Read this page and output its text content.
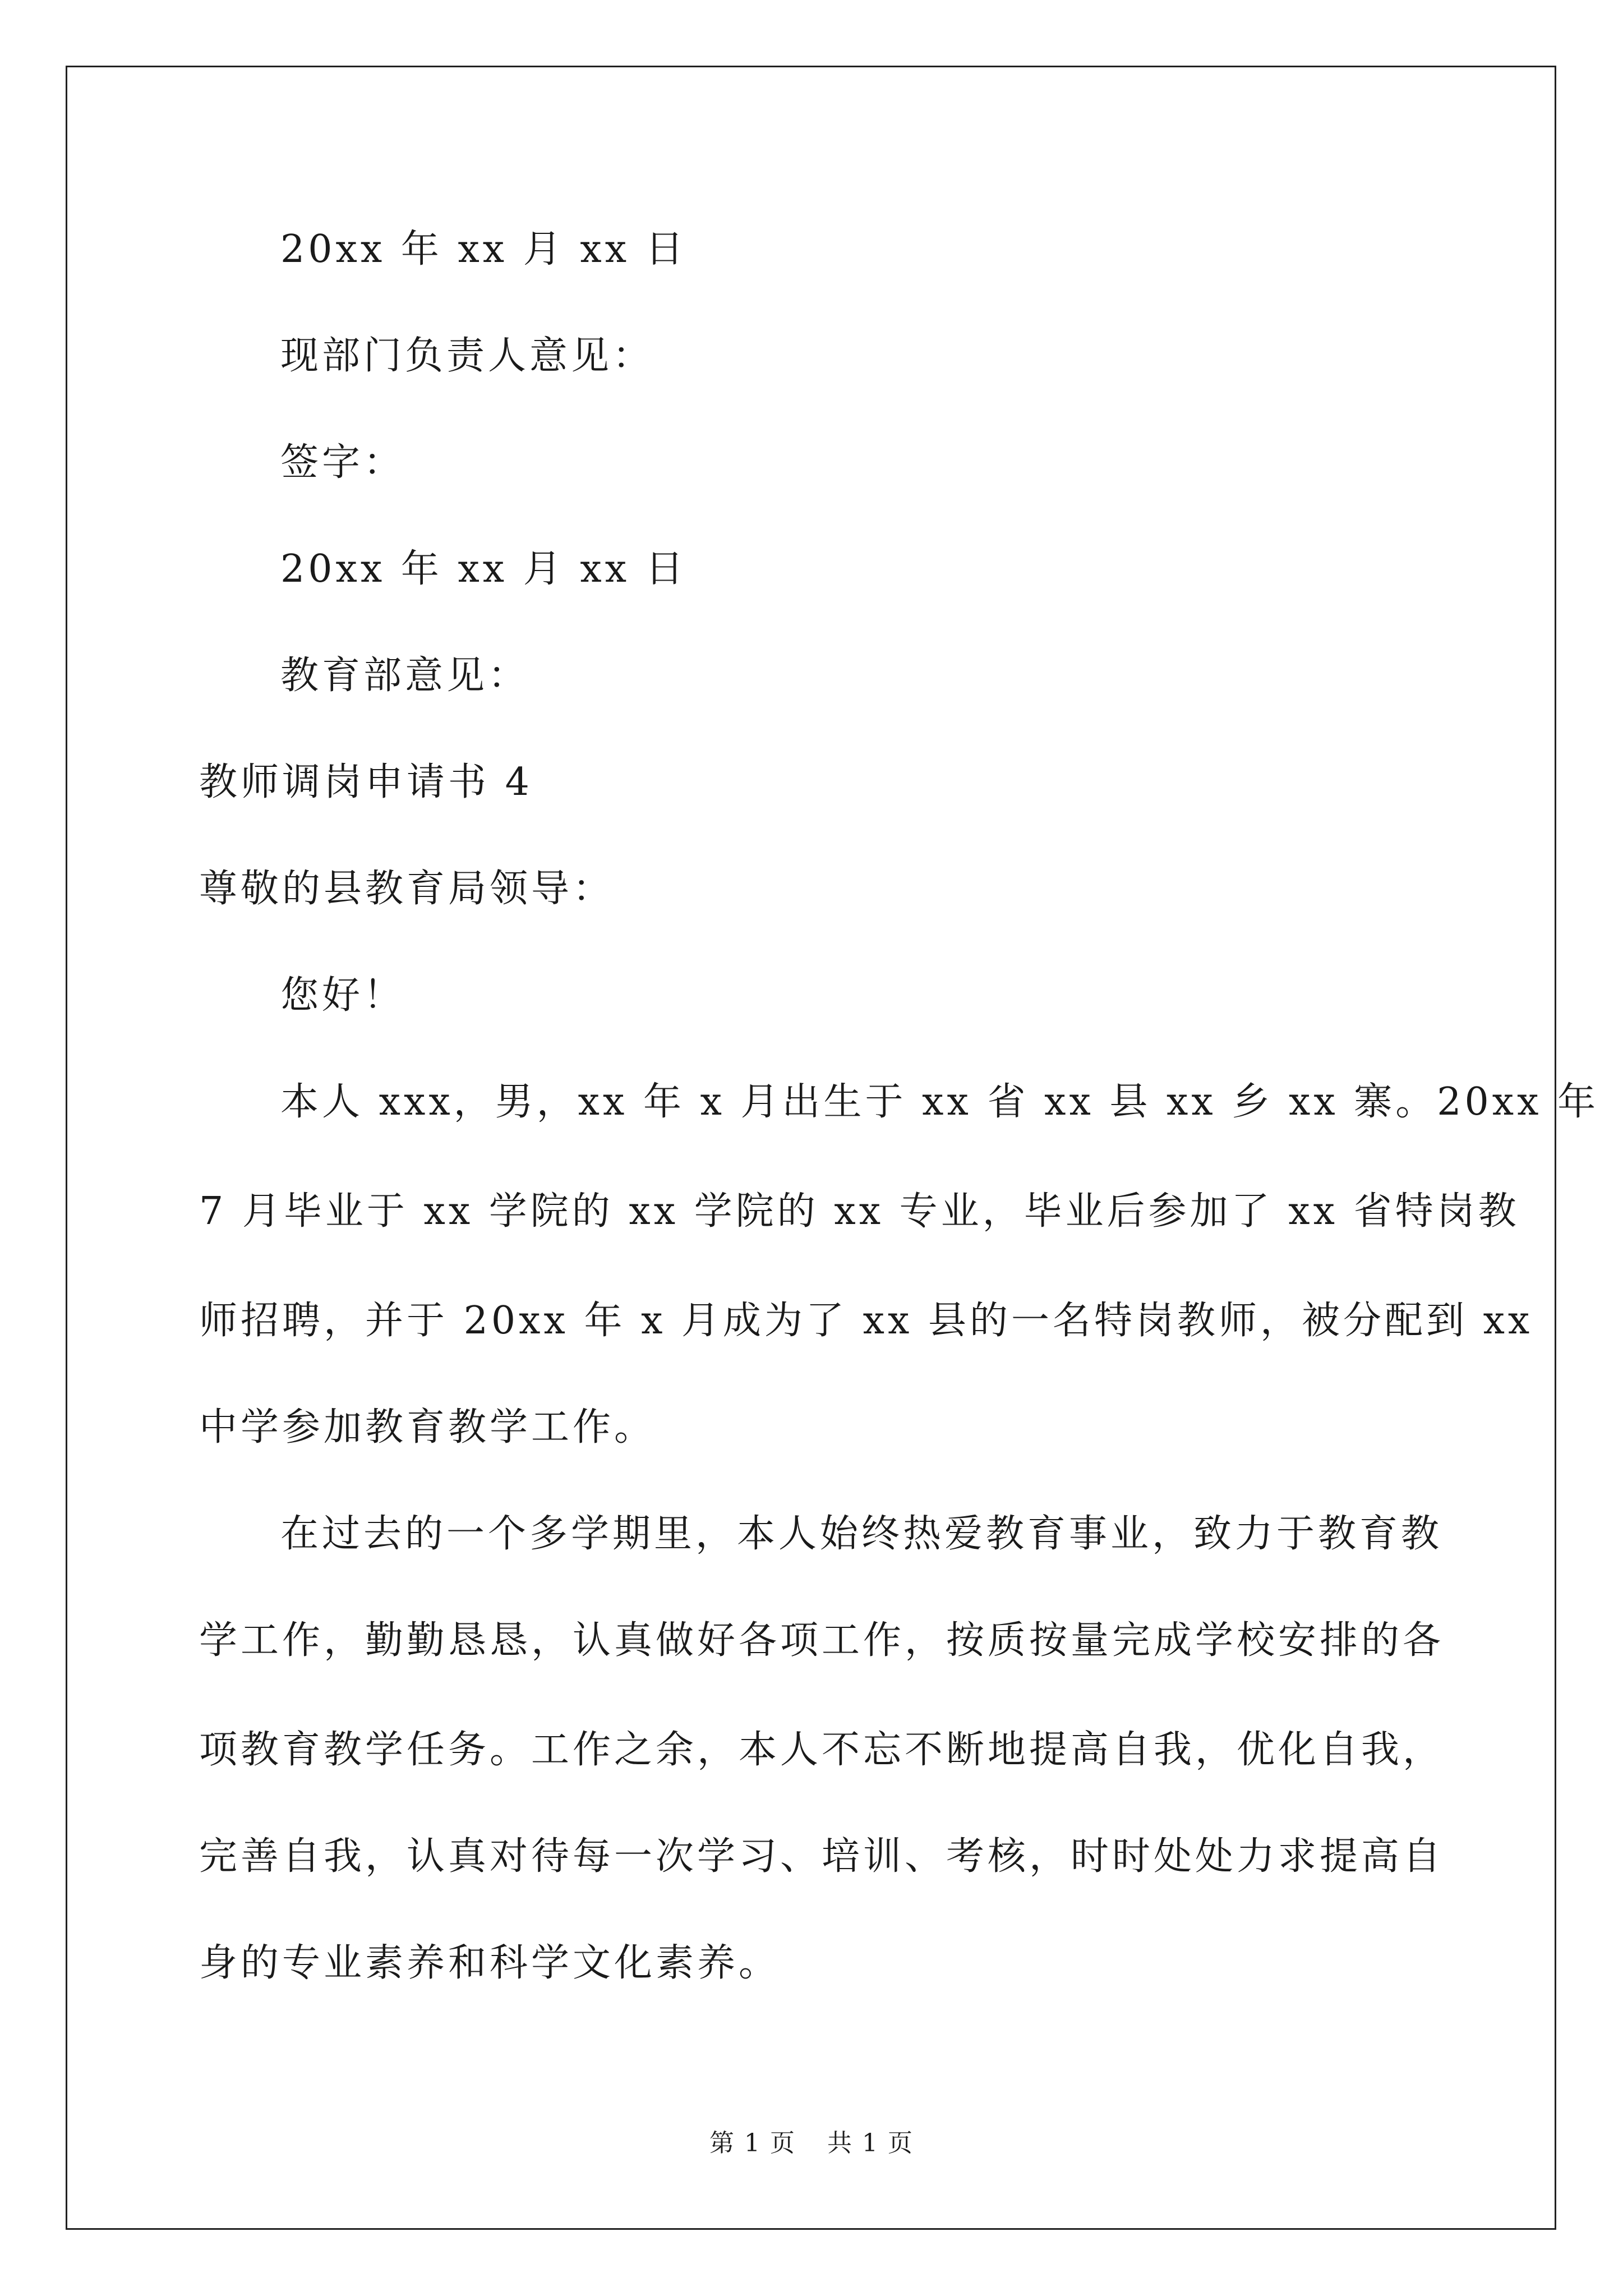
20xx 年 xx 月 xx 日
现部门负责人意见：
签字：
20xx 年 xx 月 xx 日
教育部意见：
教师调岗申请书 4
尊敬的县教育局领导：
您好！
本人 xxx，男，xx 年 x 月出生于 xx 省 xx 县 xx 乡 xx 寨。20xx 年
7 月毕业于 xx 学院的 xx 学院的 xx 专业，毕业后参加了 xx 省特岗教
师招聘，并于 20xx 年 x 月成为了 xx 县的一名特岗教师，被分配到 xx
中学参加教育教学工作。
在过去的一个多学期里，本人始终热爱教育事业，致力于教育教
学工作，勤勤恳恳，认真做好各项工作，按质按量完成学校安排的各
项教育教学任务。工作之余，本人不忘不断地提高自我，优化自我，
完善自我，认真对待每一次学习、培训、考核，时时处处力求提高自
身的专业素养和科学文化素养。
第 1 页 共 1 页
